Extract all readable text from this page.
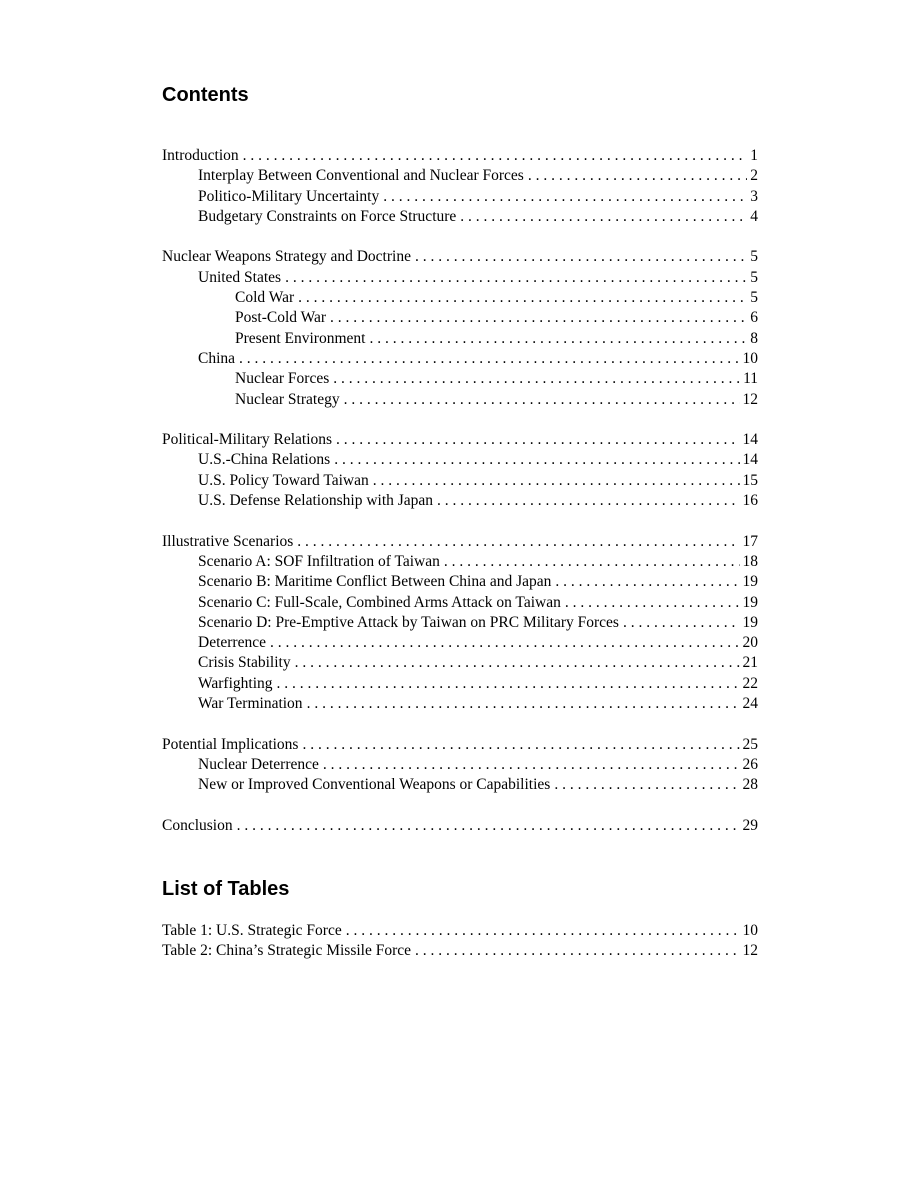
Contents
Introduction . . .	1
Interplay Between Conventional and Nuclear Forces . . .	2
Politico-Military Uncertainty . . .	3
Budgetary Constraints on Force Structure . . .	4
Nuclear Weapons Strategy and Doctrine . . .	5
United States . . .	5
Cold War . . .	5
Post-Cold War . . .	6
Present Environment . . .	8
China . . .	10
Nuclear Forces . . .	11
Nuclear Strategy . . .	12
Political-Military Relations . . .	14
U.S.-China Relations . . .	14
U.S. Policy Toward Taiwan . . .	15
U.S. Defense Relationship with Japan . . .	16
Illustrative Scenarios . . .	17
Scenario A: SOF Infiltration of Taiwan . . .	18
Scenario B: Maritime Conflict Between China and Japan . . .	19
Scenario C: Full-Scale, Combined Arms Attack on Taiwan . . .	19
Scenario D: Pre-Emptive Attack by Taiwan on PRC Military Forces . . .	19
Deterrence . . .	20
Crisis Stability . . .	21
Warfighting . . .	22
War Termination . . .	24
Potential Implications . . .	25
Nuclear Deterrence . . .	26
New or Improved Conventional Weapons or Capabilities . . .	28
Conclusion . . .	29
List of Tables
Table 1: U.S. Strategic Force . . .	10
Table 2: China’s Strategic Missile Force . . .	12
